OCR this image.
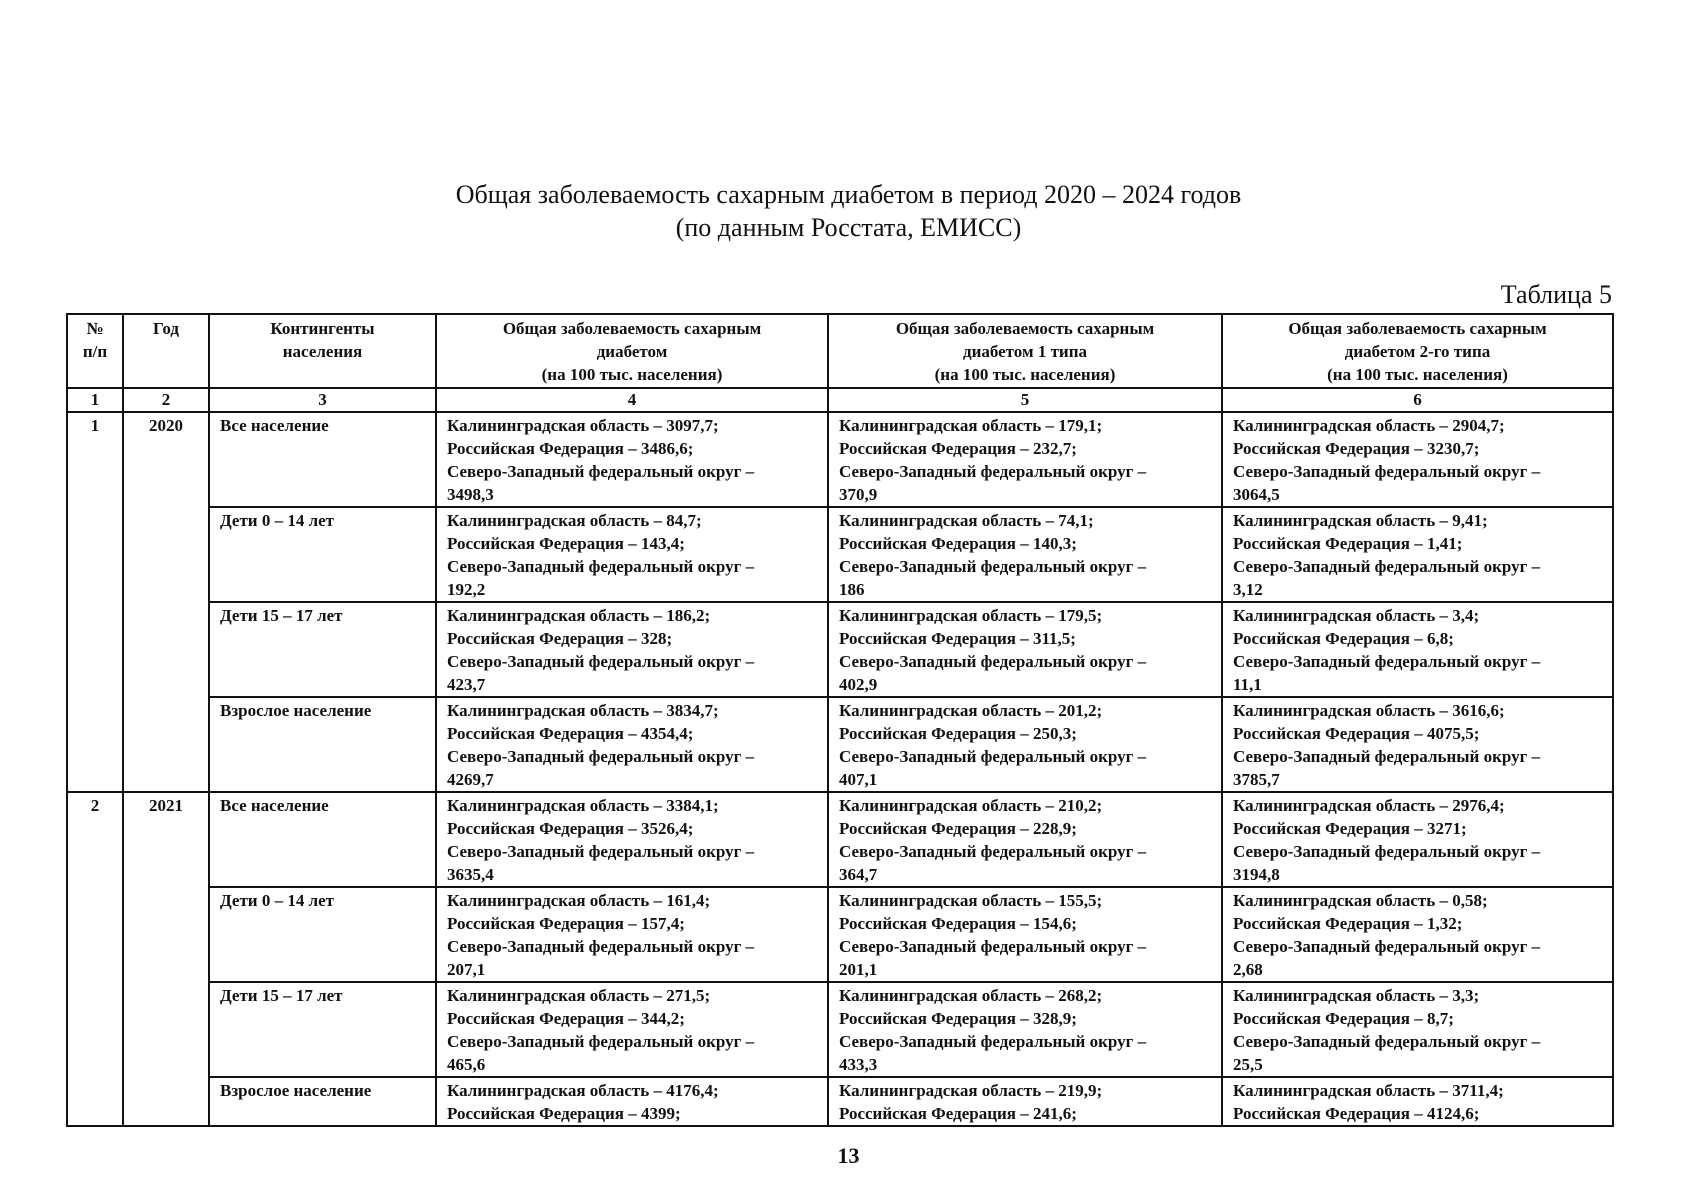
Общая заболеваемость сахарным диабетом в период 2020 – 2024 годов
(по данным Росстата, ЕМИСС)
Таблица 5
№
п/п	Год	Контингенты
населения	Общая заболеваемость сахарным
диабетом
(на 100 тыс. населения)	Общая заболеваемость сахарным
диабетом 1 типа
(на 100 тыс. населения)	Общая заболеваемость сахарным
диабетом 2-го типа
(на 100 тыс. населения)

1	2	3	4	5	6
1	2020	Все население	Калининградская область – 3097,7;
Российская Федерация – 3486,6;
Северо-Западный федеральный округ –
3498,3	Калининградская область – 179,1;
Российская Федерация – 232,7;
Северо-Западный федеральный округ –
370,9	Калининградская область – 2904,7;
Российская Федерация – 3230,7;
Северо-Западный федеральный округ –
3064,5

		Дети 0 – 14 лет	Калининградская область – 84,7;
Российская Федерация – 143,4;
Северо-Западный федеральный округ –
192,2	Калининградская область – 74,1;
Российская Федерация – 140,3;
Северо-Западный федеральный округ –
186	Калининградская область – 9,41;
Российская Федерация – 1,41;
Северо-Западный федеральный округ –
3,12

		Дети 15 – 17 лет	Калининградская область – 186,2;
Российская Федерация – 328;
Северо-Западный федеральный округ –
423,7	Калининградская область – 179,5;
Российская Федерация – 311,5;
Северо-Западный федеральный округ –
402,9	Калининградская область – 3,4;
Российская Федерация – 6,8;
Северо-Западный федеральный округ –
11,1

		Взрослое население	Калининградская область – 3834,7;
Российская Федерация – 4354,4;
Северо-Западный федеральный округ –
4269,7	Калининградская область – 201,2;
Российская Федерация – 250,3;
Северо-Западный федеральный округ –
407,1	Калининградская область – 3616,6;
Российская Федерация – 4075,5;
Северо-Западный федеральный округ –
3785,7

2	2021	Все население	Калининградская область – 3384,1;
Российская Федерация – 3526,4;
Северо-Западный федеральный округ –
3635,4	Калининградская область – 210,2;
Российская Федерация – 228,9;
Северо-Западный федеральный округ –
364,7	Калининградская область – 2976,4;
Российская Федерация – 3271;
Северо-Западный федеральный округ –
3194,8

		Дети 0 – 14 лет	Калининградская область – 161,4;
Российская Федерация – 157,4;
Северо-Западный федеральный округ –
207,1	Калининградская область – 155,5;
Российская Федерация – 154,6;
Северо-Западный федеральный округ –
201,1	Калининградская область – 0,58;
Российская Федерация – 1,32;
Северо-Западный федеральный округ –
2,68

		Дети 15 – 17 лет	Калининградская область – 271,5;
Российская Федерация – 344,2;
Северо-Западный федеральный округ –
465,6	Калининградская область – 268,2;
Российская Федерация – 328,9;
Северо-Западный федеральный округ –
433,3	Калининградская область – 3,3;
Российская Федерация – 8,7;
Северо-Западный федеральный округ –
25,5

		Взрослое население	Калининградская область – 4176,4;
Российская Федерация – 4399;	Калининградская область – 219,9;
Российская Федерация – 241,6;	Калининградская область – 3711,4;
Российская Федерация – 4124,6;
13
